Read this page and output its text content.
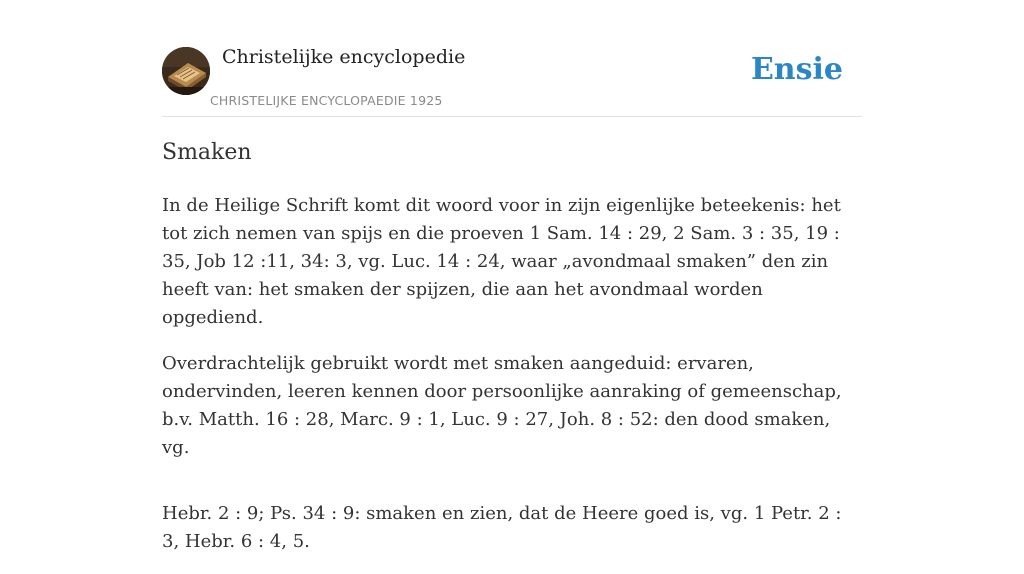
Christelijke encyclopedie
CHRISTELIJKE ENCYCLOPAEDIE 1925
Ensie
Smaken

In de Heilige Schrift komt dit woord voor in zijn eigenlijke beteekenis: het tot zich nemen van spijs en die proeven 1 Sam. 14 : 29, 2 Sam. 3 : 35, 19 : 35, Job 12 :11, 34: 3, vg. Luc. 14 : 24, waar „avondmaal smaken” den zin heeft van: het smaken der spijzen, die aan het avondmaal worden opgediend.

Overdrachtelijk gebruikt wordt met smaken aangeduid: ervaren, ondervinden, leeren kennen door persoonlijke aanraking of gemeenschap, b.v. Matth. 16 : 28, Marc. 9 : 1, Luc. 9 : 27, Joh. 8 : 52: den dood smaken, vg.

Hebr. 2 : 9; Ps. 34 : 9: smaken en zien, dat de Heere goed is, vg. 1 Petr. 2 : 3, Hebr. 6 : 4, 5.
